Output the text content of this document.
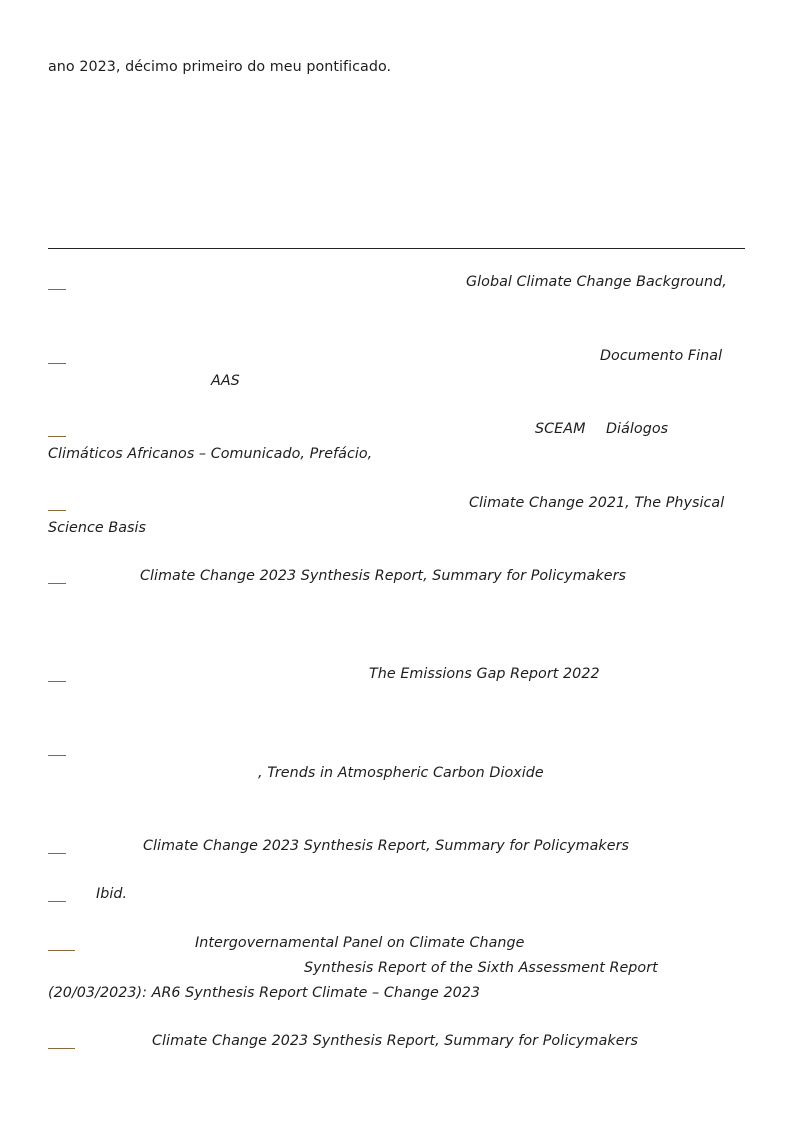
ano 2023, décimo primeiro do meu pontificado.
Global Climate Change Background,
Documento Final
AAS
SCEAM Diálogos
Climáticos Africanos – Comunicado, Prefácio,
Climate Change 2021, The Physical
Science Basis
Climate Change 2023 Synthesis Report, Summary for Policymakers
The Emissions Gap Report 2022
, Trends in Atmospheric Carbon Dioxide
Climate Change 2023 Synthesis Report, Summary for Policymakers
Ibid.
Intergovernamental Panel on Climate Change
Synthesis Report of the Sixth Assessment Report
(20/03/2023): AR6 Synthesis Report Climate – Change 2023
Climate Change 2023 Synthesis Report, Summary for Policymakers
